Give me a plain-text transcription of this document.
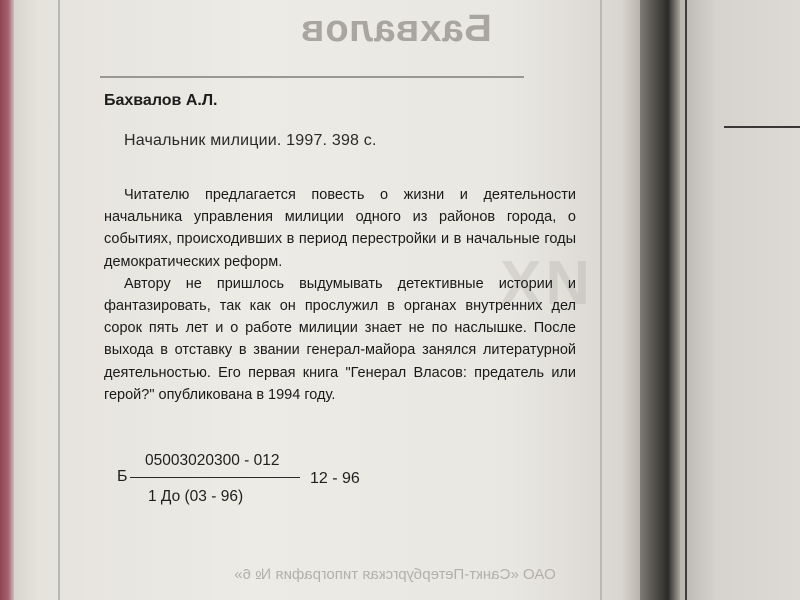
Бахвалов
Бахвалов А.Л.
Начальник милиции. 1997. 398 с.
ИХ

Читателю предлагается повесть о жизни и деятельности начальника управления милиции одного из районов города, о событиях, происходивших в период перестройки и в начальные годы демократических реформ.

Автору не пришлось выдумывать детективные истории и фантазировать, так как он прослужил в органах внутренних дел сорок пять лет и о работе милиции знает не по наслышке. После выхода в отставку в звании генерал-майора занялся литературной деятельностью. Его первая книга "Генерал Власов: предатель или герой?" опубликована в 1994 году.

Б
05003020300 - 012
1 До (03 - 96)
12 - 96
ОАО «Санкт-Петербургская типография № 6»
